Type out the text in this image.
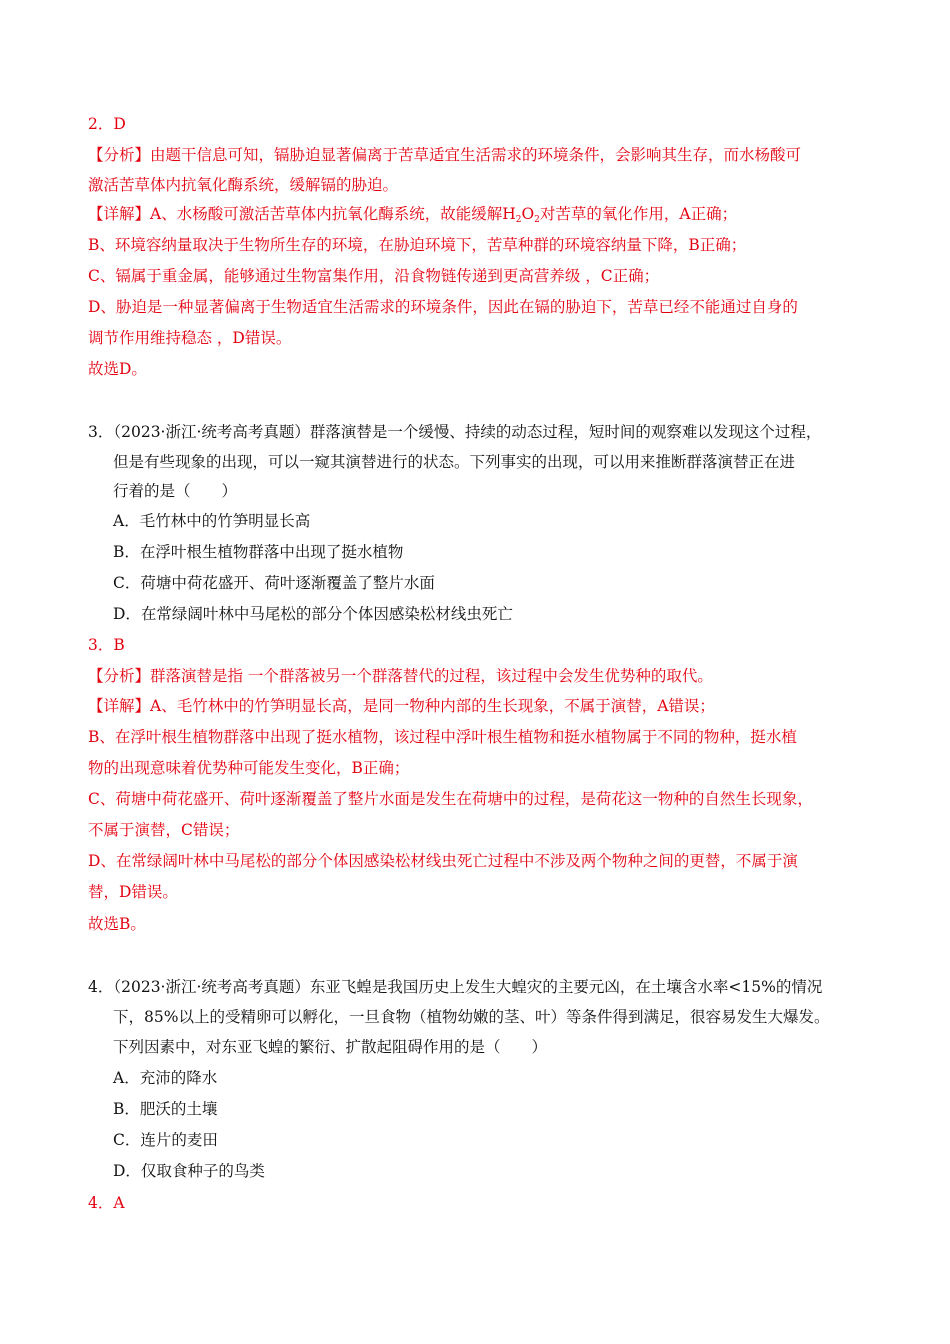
2．D
【分析】由题干信息可知，镉胁迫显著偏离于苦草适宜生活需求的环境条件，会影响其生存，而水杨酸可
激活苦草体内抗氧化酶系统，缓解镉的胁迫。
【详解】A、水杨酸可激活苦草体内抗氧化酶系统，故能缓解$H_2O_2$对苦草的氧化作用，A正确；
B、环境容纳量取决于生物所生存的环境，在胁迫环境下，苦草种群的环境容纳量下降，B正确；
C、镉属于重金属，能够通过生物富集作用，沿食物链传递到更高营养级 ，C正确；
D、胁迫是一种显著偏离于生物适宜生活需求的环境条件，因此在镉的胁迫下，苦草已经不能通过自身的
调节作用维持稳态 ，D错误。
故选D。
3．（2023·浙江·统考高考真题）群落演替是一个缓慢、持续的动态过程，短时间的观察难以发现这个过程，
但是有些现象的出现，可以一窥其演替进行的状态。下列事实的出现，可以用来推断群落演替正在进
行着的是（　　）
A．毛竹林中的竹笋明显长高
B．在浮叶根生植物群落中出现了挺水植物
C．荷塘中荷花盛开、荷叶逐渐覆盖了整片水面
D．在常绿阔叶林中马尾松的部分个体因感染松材线虫死亡
3．B
【分析】群落演替是指 一个群落被另一个群落替代的过程，该过程中会发生优势种的取代。
【详解】A、毛竹林中的竹笋明显长高，是同一物种内部的生长现象，不属于演替，A错误；
B、在浮叶根生植物群落中出现了挺水植物，该过程中浮叶根生植物和挺水植物属于不同的物种，挺水植
物的出现意味着优势种可能发生变化，B正确；
C、荷塘中荷花盛开、荷叶逐渐覆盖了整片水面是发生在荷塘中的过程，是荷花这一物种的自然生长现象，
不属于演替，C错误；
D、在常绿阔叶林中马尾松的部分个体因感染松材线虫死亡过程中不涉及两个物种之间的更替，不属于演
替，D错误。
故选B。
4．（2023·浙江·统考高考真题）东亚飞蝗是我国历史上发生大蝗灾的主要元凶，在土壤含水率<15%的情况
下，85%以上的受精卵可以孵化，一旦食物（植物幼嫩的茎、叶）等条件得到满足，很容易发生大爆发。
下列因素中，对东亚飞蝗的繁衍、扩散起阻碍作用的是（　　）
A．充沛的降水
B．肥沃的土壤
C．连片的麦田
D．仅取食种子的鸟类
4．A
